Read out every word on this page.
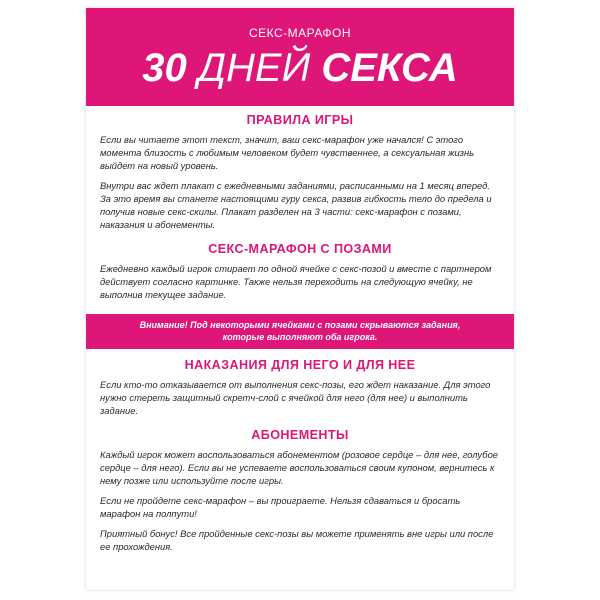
СЕКС-МАРАФОН
30 ДНЕЙ СЕКСА
ПРАВИЛА ИГРЫ

Если вы читаете этот текст, значит, ваш секс-марафон уже начался! С этого момента близость с любимым человеком будет чувственнее, а сексуальная жизнь выйдет на новый уровень.

Внутри вас ждет плакат с ежедневными заданиями, расписанными на 1 месяц вперед. За это время вы станете настоящими гуру секса, развив гибкость тело до предела и получив новые секс-скилы. Плакат разделен на 3 части: секс-марафон с позами, наказания и абонементы.

СЕКС-МАРАФОН С ПОЗАМИ

Ежедневно каждый игрок стирает по одной ячейке с секс-позой и вместе с партнером действует согласно картинке. Также нельзя переходить на следующую ячейку, не выполнив текущее задание.

Внимание! Под некоторыми ячейками с позами скрываются задания,
которые выполняют оба игрока.
НАКАЗАНИЯ ДЛЯ НЕГО И ДЛЯ НЕЕ

Если кто-то отказывается от выполнения секс-позы, его ждет наказание. Для этого нужно стереть защитный скретч-слой с ячейкой для него (для нее) и выполнить задание.

АБОНЕМЕНТЫ

Каждый игрок может воспользоваться абонементом (розовое сердце – для нее, голубое сердце – для него). Если вы не успеваете воспользоваться своим купоном, вернитесь к нему позже или используйте после игры.

Если не пройдете секс-марафон – вы проиграете. Нельзя сдаваться и бросать марафон на полпути!

Приятный бонус! Все пройденные секс-позы вы можете применять вне игры или после ее прохождения.
